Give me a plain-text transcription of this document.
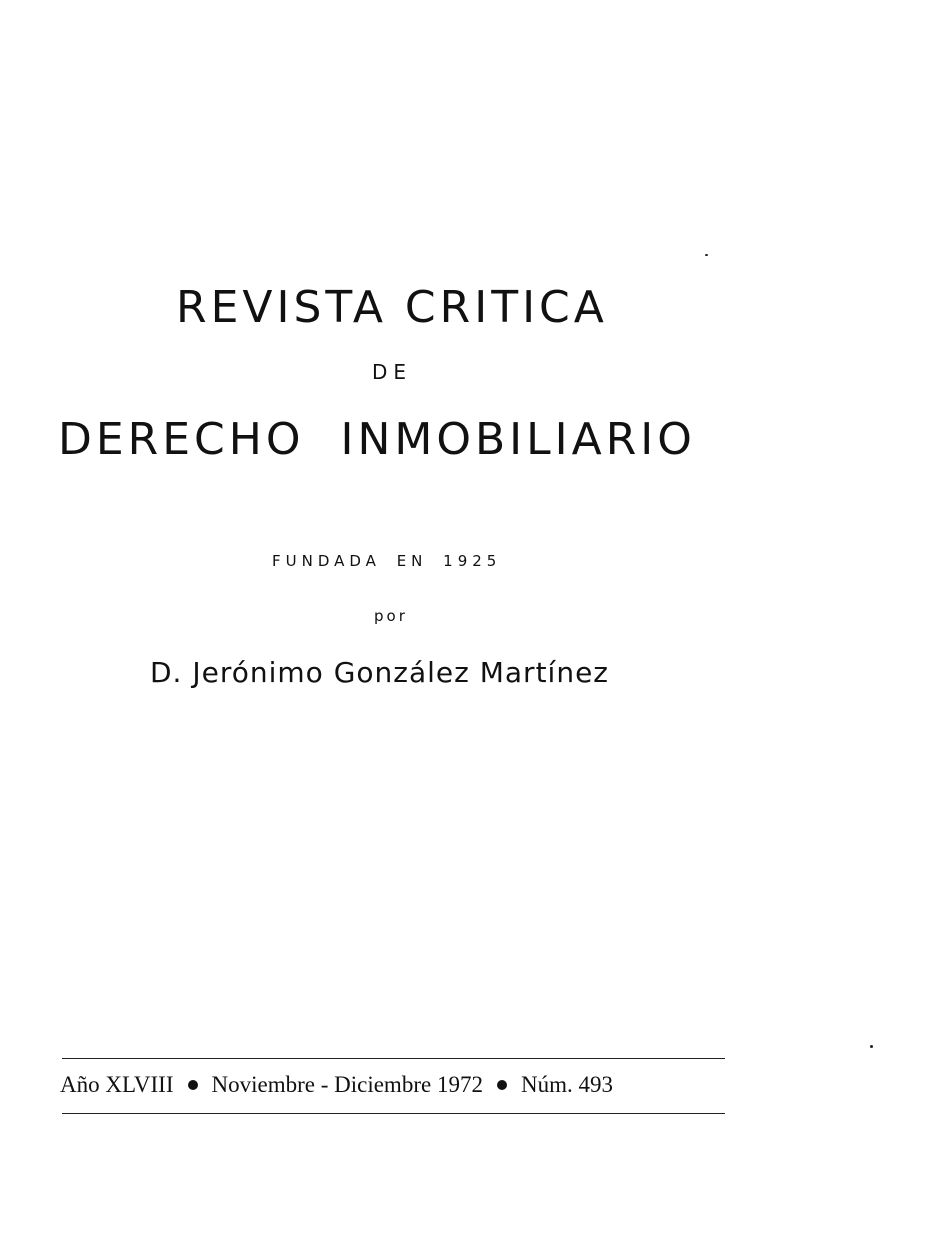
REVISTA CRITICA
DE
DERECHO INMOBILIARIO
FUNDADA EN 1925
por
D. Jerónimo González Martínez
Año XLVIII Noviembre - Diciembre 1972 Núm. 493
